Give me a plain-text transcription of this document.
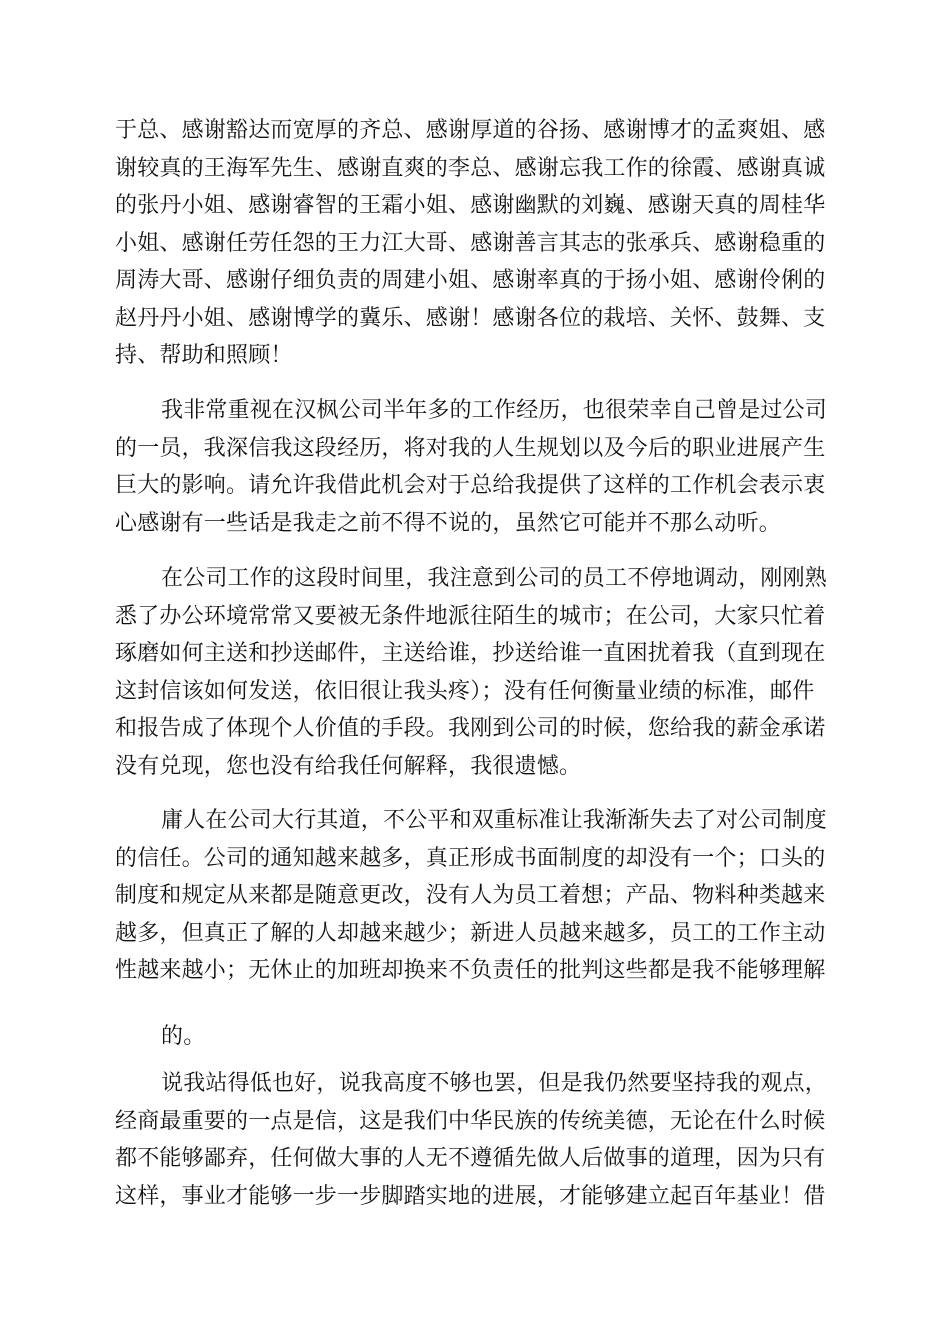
于总、感谢豁达而宽厚的齐总、感谢厚道的谷扬、感谢博才的孟爽姐、感
谢较真的王海军先生、感谢直爽的李总、感谢忘我工作的徐霞、感谢真诚
的张丹小姐、感谢睿智的王霜小姐、感谢幽默的刘巍、感谢天真的周桂华
小姐、感谢任劳任怨的王力江大哥、感谢善言其志的张承兵、感谢稳重的
周涛大哥、感谢仔细负责的周建小姐、感谢率真的于扬小姐、感谢伶俐的
赵丹丹小姐、感谢博学的冀乐、感谢！感谢各位的栽培、关怀、鼓舞、支
持、帮助和照顾！
我非常重视在汉枫公司半年多的工作经历，也很荣幸自己曾是过公司
的一员，我深信我这段经历，将对我的人生规划以及今后的职业进展产生
巨大的影响。请允许我借此机会对于总给我提供了这样的工作机会表示衷
心感谢有一些话是我走之前不得不说的，虽然它可能并不那么动听。
在公司工作的这段时间里，我注意到公司的员工不停地调动，刚刚熟
悉了办公环境常常又要被无条件地派往陌生的城市；在公司，大家只忙着
琢磨如何主送和抄送邮件，主送给谁，抄送给谁一直困扰着我（直到现在
这封信该如何发送，依旧很让我头疼）；没有任何衡量业绩的标准，邮件
和报告成了体现个人价值的手段。我刚到公司的时候，您给我的薪金承诺
没有兑现，您也没有给我任何解释，我很遗憾。
庸人在公司大行其道，不公平和双重标准让我渐渐失去了对公司制度
的信任。公司的通知越来越多，真正形成书面制度的却没有一个；口头的
制度和规定从来都是随意更改，没有人为员工着想；产品、物料种类越来
越多，但真正了解的人却越来越少；新进人员越来越多，员工的工作主动
性越来越小；无休止的加班却换来不负责任的批判这些都是我不能够理解
的。
说我站得低也好，说我高度不够也罢，但是我仍然要坚持我的观点，
经商最重要的一点是信，这是我们中华民族的传统美德，无论在什么时候
都不能够鄙弃，任何做大事的人无不遵循先做人后做事的道理，因为只有
这样，事业才能够一步一步脚踏实地的进展，才能够建立起百年基业！借
